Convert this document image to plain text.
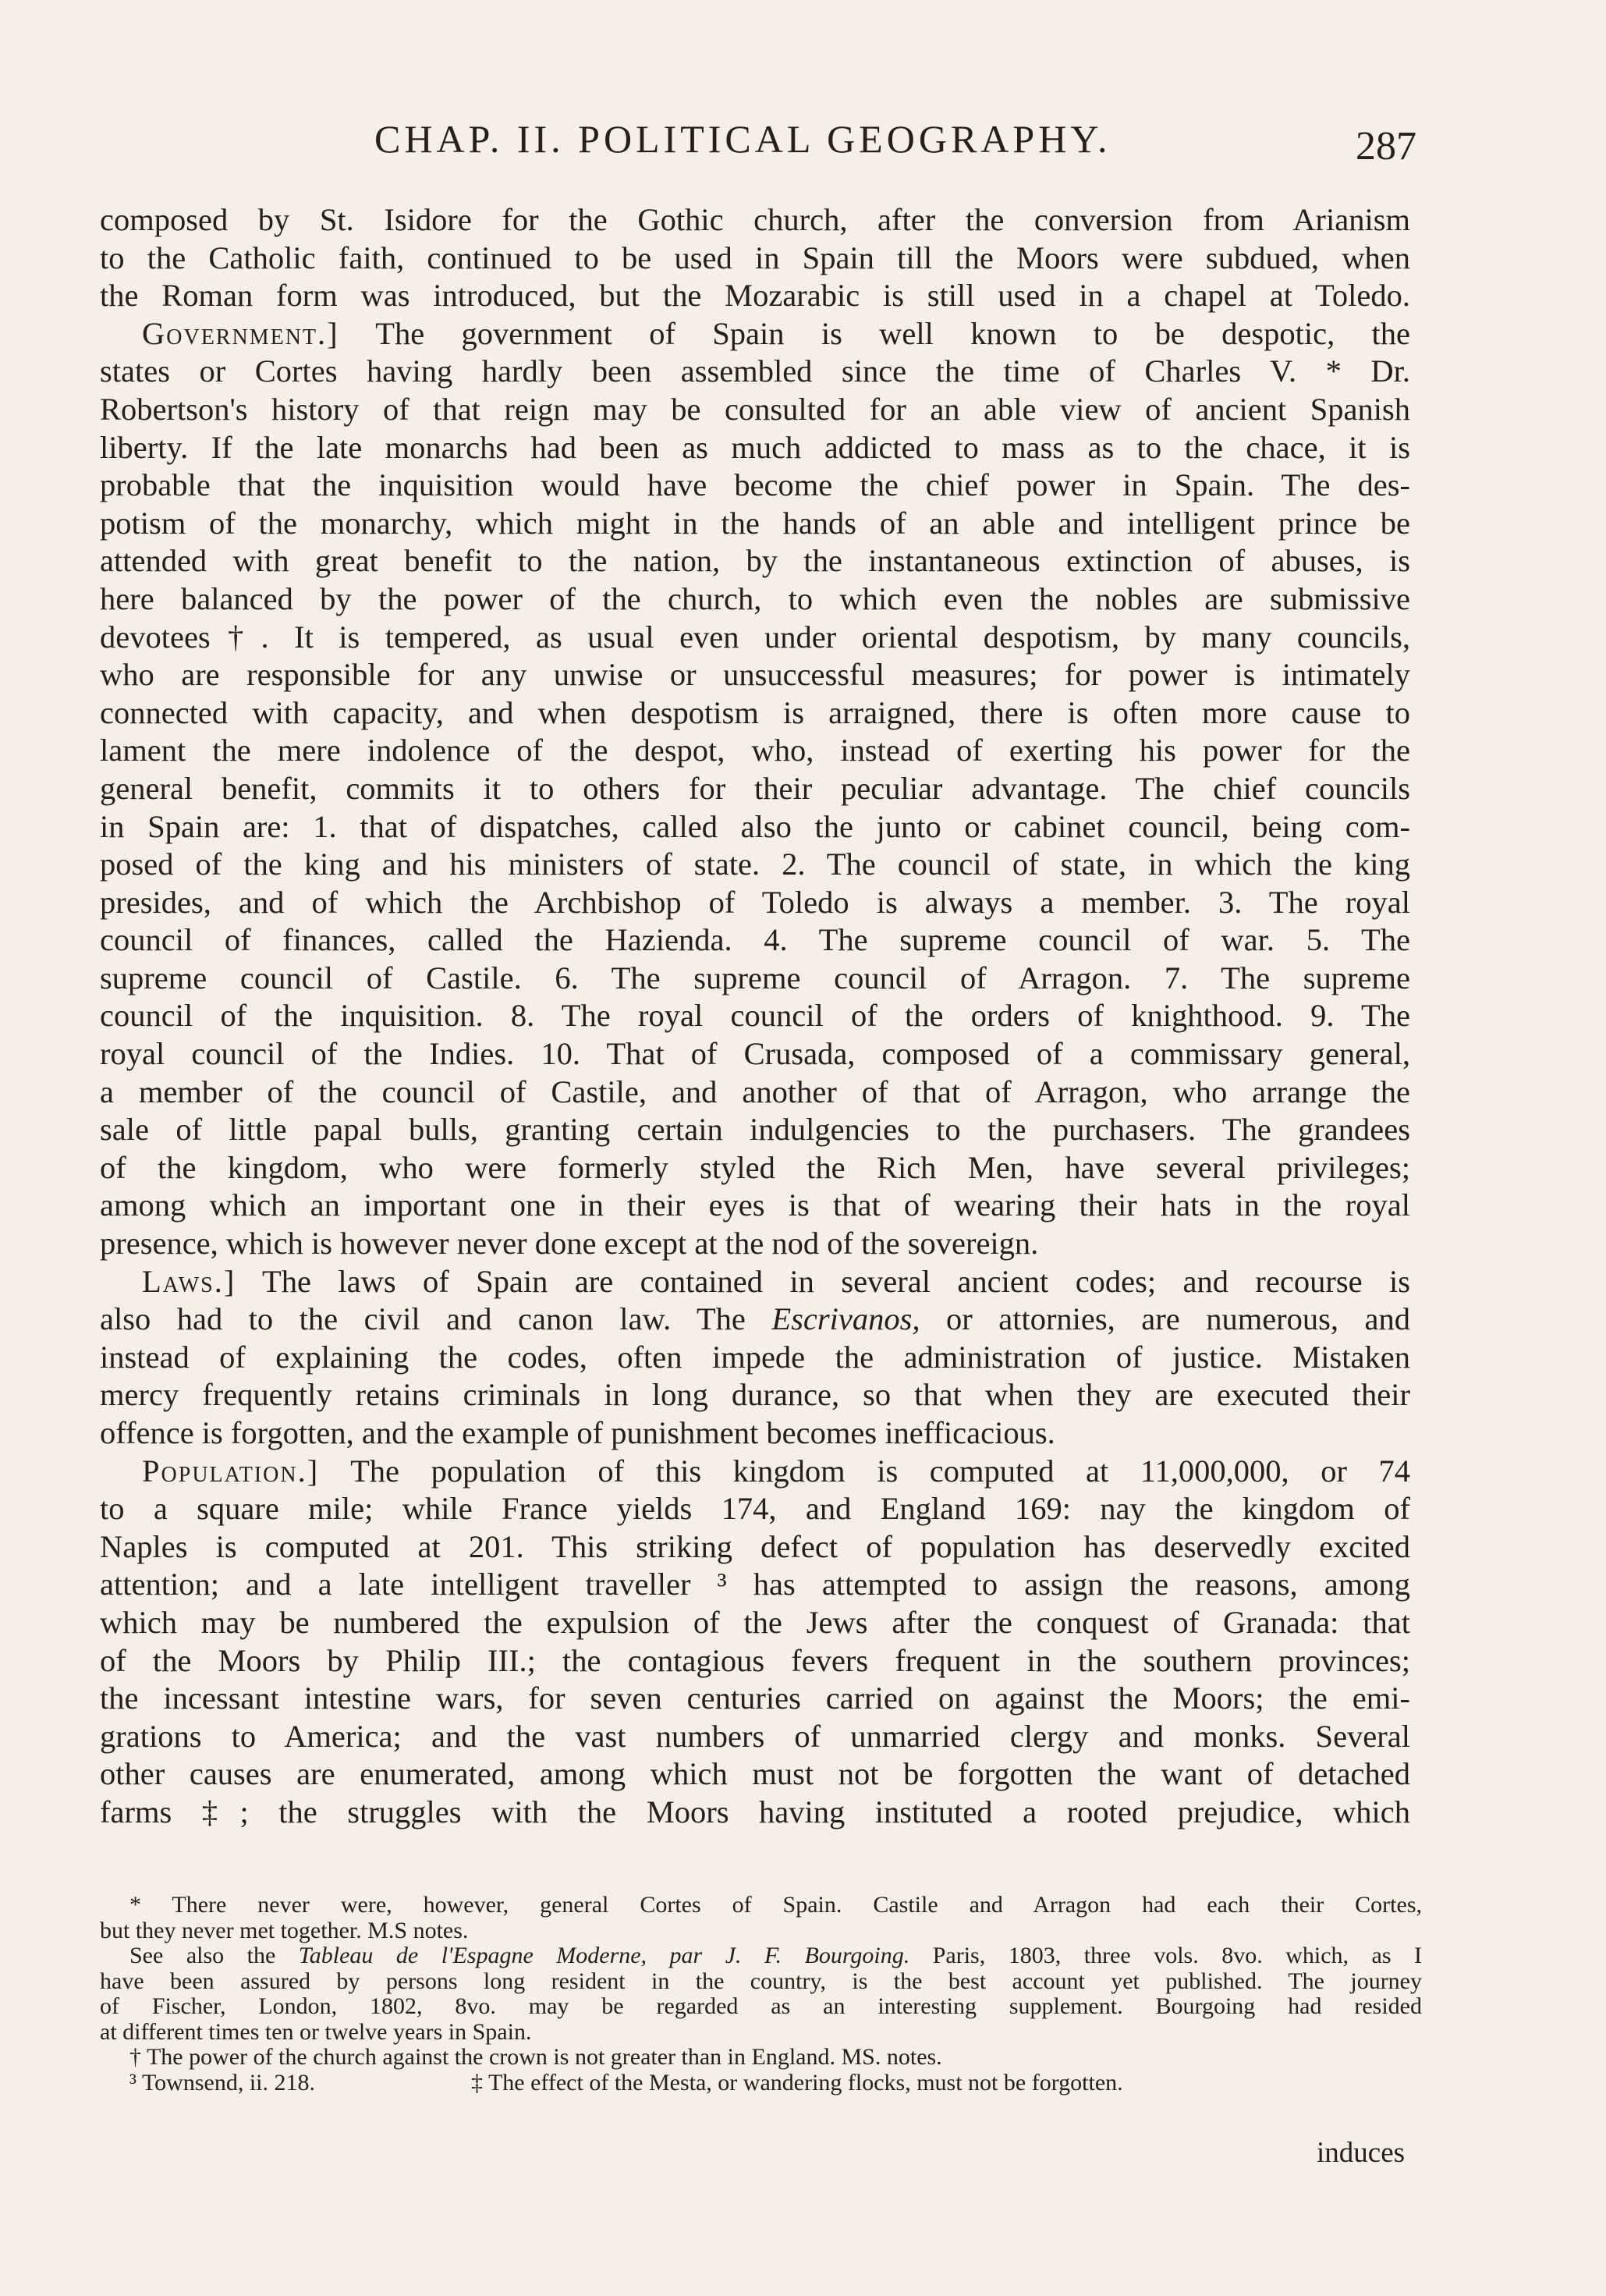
CHAP. II. POLITICAL GEOGRAPHY.	287
composed by St. Isidore for the Gothic church, after the conversion from Arianism
to the Catholic faith, continued to be used in Spain till the Moors were subdued, when
the Roman form was introduced, but the Mozarabic is still used in a chapel at Toledo.
Government.] The government of Spain is well known to be despotic, the
states or Cortes having hardly been assembled since the time of Charles V. * Dr.
Robertson's history of that reign may be consulted for an able view of ancient Spanish
liberty. If the late monarchs had been as much addicted to mass as to the chace, it is
probable that the inquisition would have become the chief power in Spain. The des-
potism of the monarchy, which might in the hands of an able and intelligent prince be
attended with great benefit to the nation, by the instantaneous extinction of abuses, is
here balanced by the power of the church, to which even the nobles are submissive
devotees†. It is tempered, as usual even under oriental despotism, by many councils,
who are responsible for any unwise or unsuccessful measures; for power is intimately
connected with capacity, and when despotism is arraigned, there is often more cause to
lament the mere indolence of the despot, who, instead of exerting his power for the
general benefit, commits it to others for their peculiar advantage. The chief councils
in Spain are: 1. that of dispatches, called also the junto or cabinet council, being com-
posed of the king and his ministers of state. 2. The council of state, in which the king
presides, and of which the Archbishop of Toledo is always a member. 3. The royal
council of finances, called the Hazienda. 4. The supreme council of war. 5. The
supreme council of Castile. 6. The supreme council of Arragon. 7. The supreme
council of the inquisition. 8. The royal council of the orders of knighthood. 9. The
royal council of the Indies. 10. That of Crusada, composed of a commissary general,
a member of the council of Castile, and another of that of Arragon, who arrange the
sale of little papal bulls, granting certain indulgencies to the purchasers. The grandees
of the kingdom, who were formerly styled the Rich Men, have several privileges;
among which an important one in their eyes is that of wearing their hats in the royal
presence, which is however never done except at the nod of the sovereign.
Laws.] The laws of Spain are contained in several ancient codes; and recourse is
also had to the civil and canon law. The Escrivanos, or attornies, are numerous, and
instead of explaining the codes, often impede the administration of justice. Mistaken
mercy frequently retains criminals in long durance, so that when they are executed their
offence is forgotten, and the example of punishment becomes inefficacious.
Population.] The population of this kingdom is computed at 11,000,000, or 74
to a square mile; while France yields 174, and England 169: nay the kingdom of
Naples is computed at 201. This striking defect of population has deservedly excited
attention; and a late intelligent traveller ³ has attempted to assign the reasons, among
which may be numbered the expulsion of the Jews after the conquest of Granada: that
of the Moors by Philip III.; the contagious fevers frequent in the southern provinces;
the incessant intestine wars, for seven centuries carried on against the Moors; the emi-
grations to America; and the vast numbers of unmarried clergy and monks. Several
other causes are enumerated, among which must not be forgotten the want of detached
farms ‡; the struggles with the Moors having instituted a rooted prejudice, which
* There never were, however, general Cortes of Spain. Castile and Arragon had each their Cortes,
but they never met together. M.S notes.
See also the Tableau de l'Espagne Moderne, par J. F. Bourgoing. Paris, 1803, three vols. 8vo. which, as I
have been assured by persons long resident in the country, is the best account yet published. The journey
of Fischer, London, 1802, 8vo. may be regarded as an interesting supplement. Bourgoing had resided
at different times ten or twelve years in Spain.
† The power of the church against the crown is not greater than in England. MS. notes.
³ Townsend, ii. 218.	‡ The effect of the Mesta, or wandering flocks, must not be forgotten.
induces
